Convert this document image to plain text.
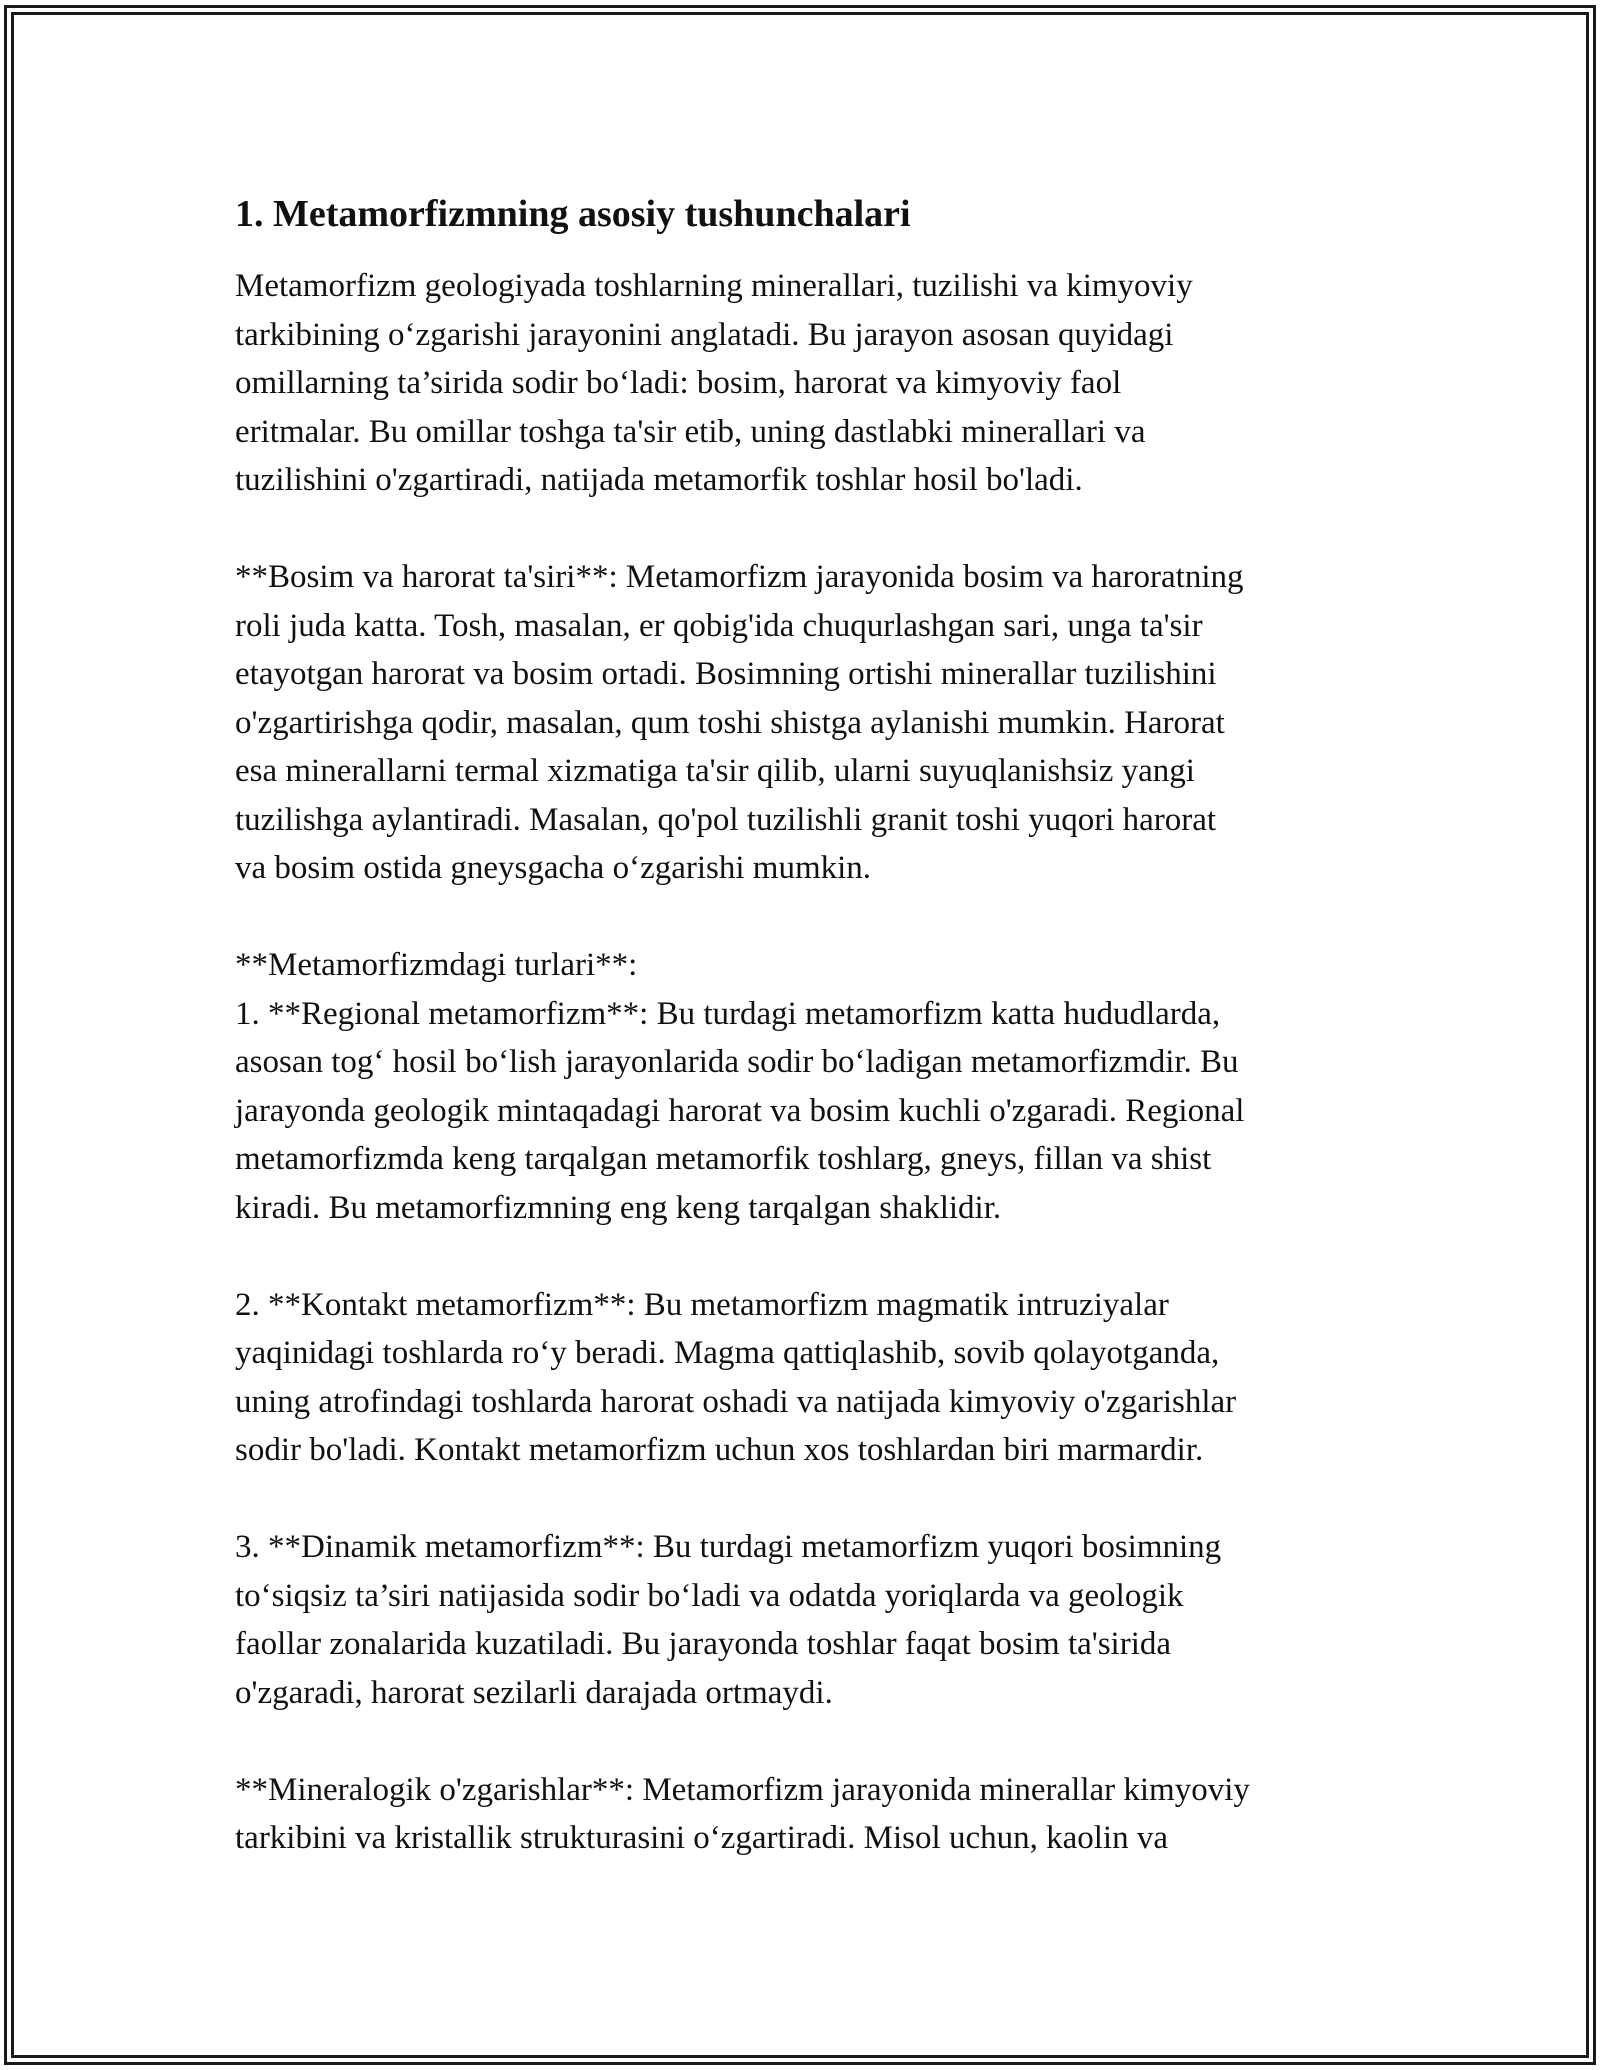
1. Metamorfizmning asosiy tushunchalari

Metamorfizm geologiyada toshlarning minerallari, tuzilishi va kimyoviy
tarkibining o‘zgarishi jarayonini anglatadi. Bu jarayon asosan quyidagi
omillarning ta’sirida sodir bo‘ladi: bosim, harorat va kimyoviy faol
eritmalar. Bu omillar toshga ta'sir etib, uning dastlabki minerallari va
tuzilishini o'zgartiradi, natijada metamorfik toshlar hosil bo'ladi.

**Bosim va harorat ta'siri**: Metamorfizm jarayonida bosim va haroratning
roli juda katta. Tosh, masalan, er qobig'ida chuqurlashgan sari, unga ta'sir
etayotgan harorat va bosim ortadi. Bosimning ortishi minerallar tuzilishini
o'zgartirishga qodir, masalan, qum toshi shistga aylanishi mumkin. Harorat
esa minerallarni termal xizmatiga ta'sir qilib, ularni suyuqlanishsiz yangi
tuzilishga aylantiradi. Masalan, qo'pol tuzilishli granit toshi yuqori harorat
va bosim ostida gneysgacha o‘zgarishi mumkin.

**Metamorfizmdagi turlari**:
1. **Regional metamorfizm**: Bu turdagi metamorfizm katta hududlarda,
asosan tog‘ hosil bo‘lish jarayonlarida sodir bo‘ladigan metamorfizmdir. Bu
jarayonda geologik mintaqadagi harorat va bosim kuchli o'zgaradi. Regional
metamorfizmda keng tarqalgan metamorfik toshlarg, gneys, fillan va shist
kiradi. Bu metamorfizmning eng keng tarqalgan shaklidir.

2. **Kontakt metamorfizm**: Bu metamorfizm magmatik intruziyalar
yaqinidagi toshlarda ro‘y beradi. Magma qattiqlashib, sovib qolayotganda,
uning atrofindagi toshlarda harorat oshadi va natijada kimyoviy o'zgarishlar
sodir bo'ladi. Kontakt metamorfizm uchun xos toshlardan biri marmardir.

3. **Dinamik metamorfizm**: Bu turdagi metamorfizm yuqori bosimning
to‘siqsiz ta’siri natijasida sodir bo‘ladi va odatda yoriqlarda va geologik
faollar zonalarida kuzatiladi. Bu jarayonda toshlar faqat bosim ta'sirida
o'zgaradi, harorat sezilarli darajada ortmaydi.

**Mineralogik o'zgarishlar**: Metamorfizm jarayonida minerallar kimyoviy
tarkibini va kristallik strukturasini o‘zgartiradi. Misol uchun, kaolin va
